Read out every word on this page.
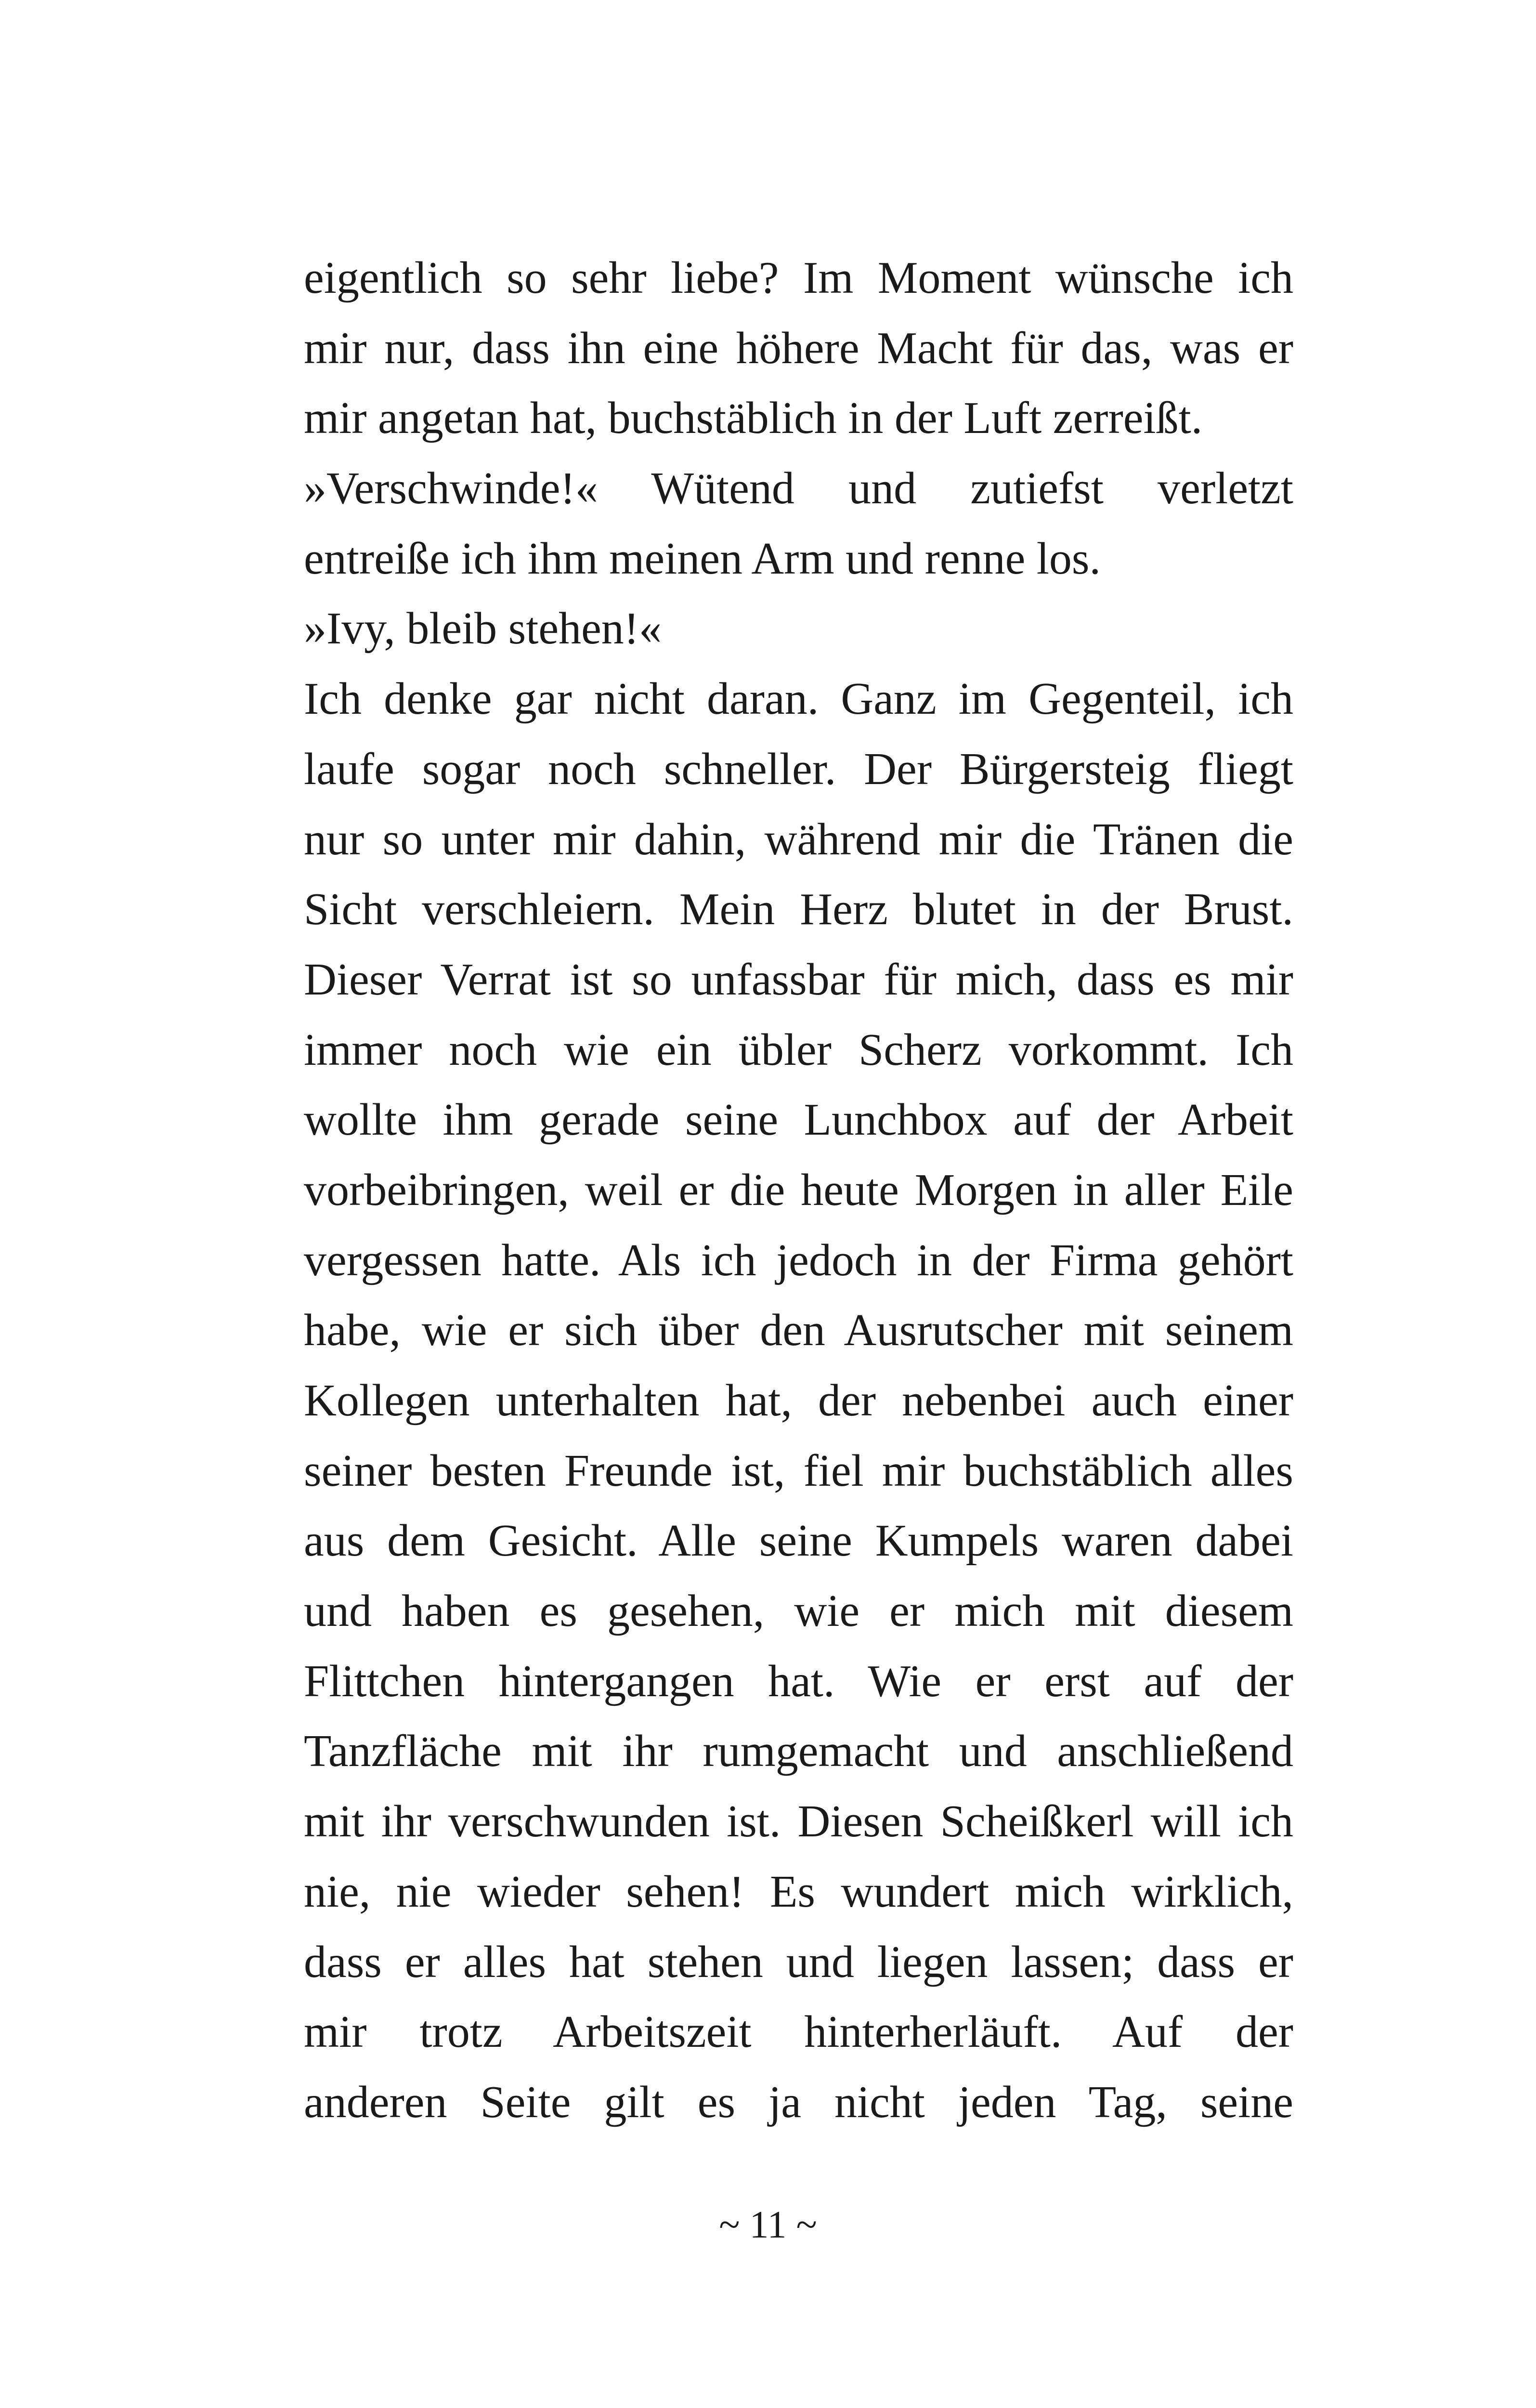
eigentlich so sehr liebe? Im Moment wünsche ich
mir nur, dass ihn eine höhere Macht für das, was er
mir angetan hat, buchstäblich in der Luft zerreißt.
»Verschwinde!« Wütend und zutiefst verletzt
entreiße ich ihm meinen Arm und renne los.
»Ivy, bleib stehen!«
Ich denke gar nicht daran. Ganz im Gegenteil, ich
laufe sogar noch schneller. Der Bürgersteig fliegt
nur so unter mir dahin, während mir die Tränen die
Sicht verschleiern. Mein Herz blutet in der Brust.
Dieser Verrat ist so unfassbar für mich, dass es mir
immer noch wie ein übler Scherz vorkommt. Ich
wollte ihm gerade seine Lunchbox auf der Arbeit
vorbeibringen, weil er die heute Morgen in aller Eile
vergessen hatte. Als ich jedoch in der Firma gehört
habe, wie er sich über den Ausrutscher mit seinem
Kollegen unterhalten hat, der nebenbei auch einer
seiner besten Freunde ist, fiel mir buchstäblich alles
aus dem Gesicht. Alle seine Kumpels waren dabei
und haben es gesehen, wie er mich mit diesem
Flittchen hintergangen hat. Wie er erst auf der
Tanzfläche mit ihr rumgemacht und anschließend
mit ihr verschwunden ist. Diesen Scheißkerl will ich
nie, nie wieder sehen! Es wundert mich wirklich,
dass er alles hat stehen und liegen lassen; dass er
mir trotz Arbeitszeit hinterherläuft. Auf der
anderen Seite gilt es ja nicht jeden Tag, seine
~ 11 ~
